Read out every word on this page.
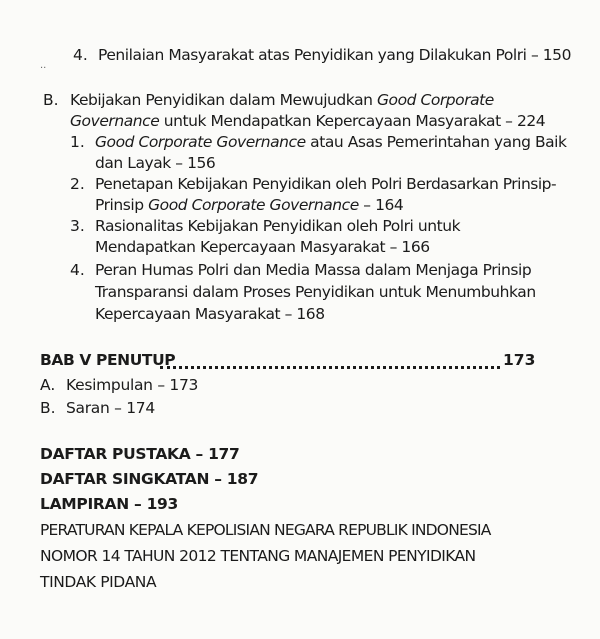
..
4. Penilaian Masyarakat atas Penyidikan yang Dilakukan Polri – 150
B. Kebijakan Penyidikan dalam Mewujudkan Good Corporate
Governance untuk Mendapatkan Kepercayaan Masyarakat – 224
1. Good Corporate Governance atau Asas Pemerintahan yang Baik
dan Layak – 156
2. Penetapan Kebijakan Penyidikan oleh Polri Berdasarkan Prinsip-
Prinsip Good Corporate Governance – 164
3. Rasionalitas Kebijakan Penyidikan oleh Polri untuk
Mendapatkan Kepercayaan Masyarakat – 166
4. Peran Humas Polri dan Media Massa dalam Menjaga Prinsip
Transparansi dalam Proses Penyidikan untuk Menumbuhkan
Kepercayaan Masyarakat – 168
BAB V PENUTUP	173
A. Kesimpulan – 173
B. Saran – 174
DAFTAR PUSTAKA – 177
DAFTAR SINGKATAN – 187
LAMPIRAN – 193
PERATURAN KEPALA KEPOLISIAN NEGARA REPUBLIK INDONESIA
NOMOR 14 TAHUN 2012 TENTANG MANAJEMEN PENYIDIKAN
TINDAK PIDANA
